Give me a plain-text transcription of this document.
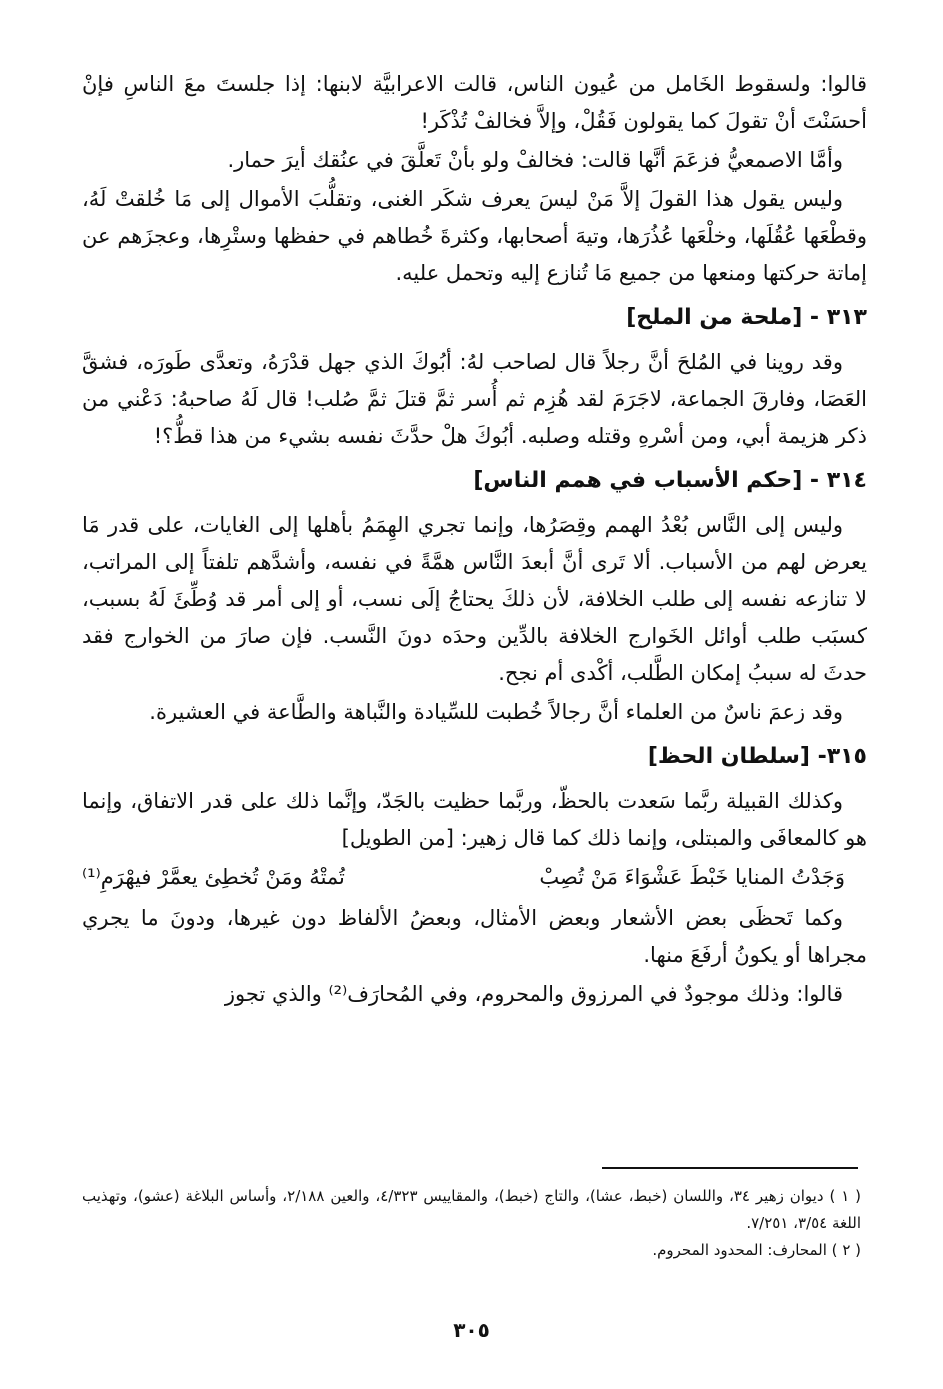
قالوا: ولسقوط الخَامل من عُيون الناس، قالت الاعرابيَّة لابنها: إذا جلستَ معَ الناسِ فإنْ أحسَنْتَ أنْ تقولَ كما يقولون فَقُلْ، وإلاَّ فخالفْ تُذْكَر!

وأمَّا الاصمعيُّ فزعَمَ أنَّها قالت: فخالفْ ولو بأنْ تَعلَّقَ في عنُقك أيرَ حمار.

وليس يقول هذا القولَ إلاَّ مَنْ ليسَ يعرف شكَر الغنى، وتقلُّبَ الأموال إلى مَا خُلقتْ لَهُ، وقطْعَها عُقُلَها، وخلْعَها عُذُرَها، وتيهَ أصحابها، وكثرةَ خُطاهم في حفظها وستْرِها، وعجزَهم عن إماتة حركتها ومنعها من جميع مَا تُنازع إليه وتحمل عليه.

٣١٣ - [ملحة من الملح]

وقد روينا في المُلحَ أنَّ رجلاً قال لصاحب لهُ: أبُوكَ الذي جهل قدْرَهُ، وتعدَّى طَورَه، فشقَّ العَصَا، وفارقَ الجماعة، لاجَرَمَ لقد هُزِم ثم أُسر ثمَّ قتلَ ثمَّ صُلب! قال لَهُ صاحبهُ: دَعْني من ذكر هزيمة أبي، ومن أسْرهِ وقتله وصلبه. أبُوكَ هلْ حدَّثَ نفسه بشيء من هذا قطُّ؟!

٣١٤ - [حكم الأسباب في همم الناس]

وليس إلى النَّاس بُعْدُ الهمم وقِصَرُها، وإنما تجري الهِمَمُ بأهلها إلى الغايات، على قدر مَا يعرض لهم من الأسباب. ألا تَرى أنَّ أبعدَ النَّاس همَّةً في نفسه، وأشدَّهم تلفتاً إلى المراتب، لا تنازعه نفسه إلى طلب الخلافة، لأن ذلكَ يحتاجُ إلَى نسب، أو إلى أمر قد وُطِّئَ لَهُ بسبب، كسبَب طلب أوائل الخَوارج الخلافة بالدِّين وحدَه دونَ النَّسب. فإن صارَ من الخوارج فقد حدثَ له سببُ إمكان الطَّلب، أكْدى أم نجح.

وقد زعمَ ناسٌ من العلماء أنَّ رجالاً خُطبت للسِّيادة والنَّباهة والطَّاعة في العشيرة.

٣١٥- [سلطان الحظ]

وكذلك القبيلة ربَّما سَعدت بالحظّ، وربَّما حظيت بالجَدّ، وإنَّما ذلك على قدر الاتفاق، وإنما هو كالمعافَى والمبتلى، وإنما ذلك كما قال زهير: [من الطويل]

وَجَدْتُ المنايا خَبْطَ عَشْوَاءَ مَنْ تُصِبْ
تُمتْهُ ومَنْ تُخطِئ يعمَّرْ فيهْرَمِ⁽¹⁾

وكما تَحظَى بعض الأشعار وبعض الأمثال، وبعضُ الألفاظ دون غيرها، ودونَ ما يجري مجراها أو يكونُ أرفَعَ منها.

قالوا: وذلك موجودٌ في المرزوق والمحروم، وفي المُحارَف⁽²⁾ والذي تجوز

( ١ ) ديوان زهير ٣٤، واللسان (خبط، عشا)، والتاج (خبط)، والمقاييس ٤/٣٢٣، والعين ٢/١٨٨، وأساس البلاغة (عشو)، وتهذيب اللغة ٣/٥٤، ٧/٢٥١.

( ٢ ) المحارف: المحدود المحروم.

٣٠٥
